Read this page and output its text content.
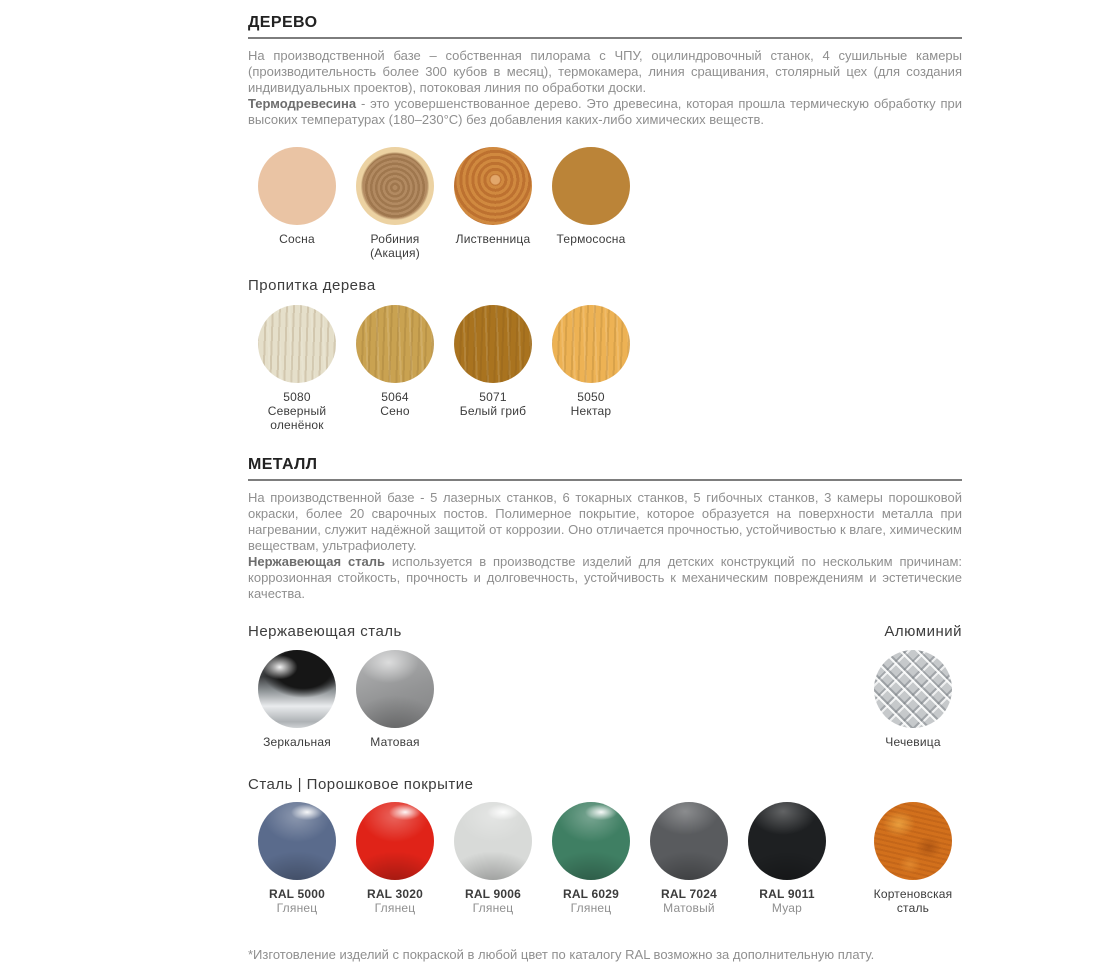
ДЕРЕВО

На производственной базе – собственная пилорама с ЧПУ, оцилиндровочный станок, 4 сушильные камеры (производительность более 300 кубов в месяц), термокамера, линия сращивания, столярный цех (для создания индивидуальных проектов), потоковая линия по обработки доски.

Термодревесина - это усовершенствованное дерево. Это древесина, которая прошла термическую обработку при высоких температурах (180–230°С) без добавления каких-либо химических веществ.

Сосна	Робиния (Акация)
Лиственница Термососна
Пропитка дерева
5080
Северный оленёнок
5064
Сено
5071
Белый гриб
5050
Нектар
МЕТАЛЛ

На производственной базе - 5 лазерных станков, 6 токарных станков, 5 гибочных станков, 3 камеры порошковой окраски, более 20 сварочных постов. Полимерное покрытие, которое образуется на поверхности металла при нагревании, служит надёжной защитой от коррозии. Оно отличается прочностью, устойчивостью к влаге, химическим веществам, ультрафиолету.

Нержавеющая сталь используется в производстве изделий для детских конструкций по нескольким причинам: коррозионная стойкость, прочность и долговечность, устойчивость к механическим повреждениям и эстетические качества.

Нержавеющая сталь	Алюминий
Зеркальная	Матовая	Чечевица
Сталь | Порошковое покрытие
RAL 5000
Глянец
RAL 3020
Глянец
RAL 9006
Глянец
RAL 6029
Глянец
RAL 7024
Матовый
RAL 9011
Муар
Кортеновская сталь

*Изготовление изделий с покраской в любой цвет по каталогу RAL возможно за дополнительную плату.
